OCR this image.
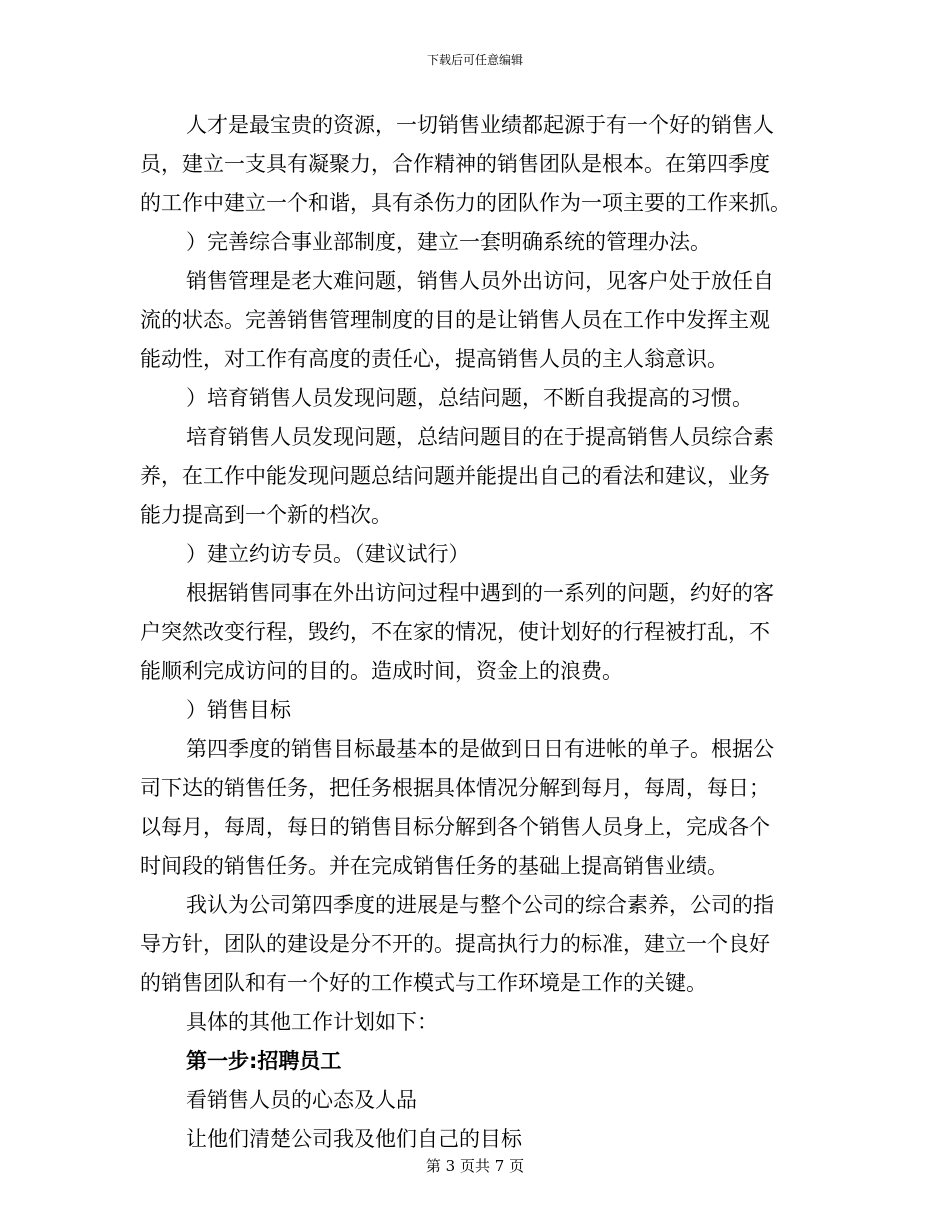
下载后可任意编辑

人才是最宝贵的资源，一切销售业绩都起源于有一个好的销售人

员，建立一支具有凝聚力，合作精神的销售团队是根本。在第四季度

的工作中建立一个和谐，具有杀伤力的团队作为一项主要的工作来抓。

）完善综合事业部制度，建立一套明确系统的管理办法。

销售管理是老大难问题，销售人员外出访问，见客户处于放任自

流的状态。完善销售管理制度的目的是让销售人员在工作中发挥主观

能动性，对工作有高度的责任心，提高销售人员的主人翁意识。

）培育销售人员发现问题，总结问题，不断自我提高的习惯。

培育销售人员发现问题，总结问题目的在于提高销售人员综合素

养，在工作中能发现问题总结问题并能提出自己的看法和建议，业务

能力提高到一个新的档次。

）建立约访专员。（建议试行）

根据销售同事在外出访问过程中遇到的一系列的问题，约好的客

户突然改变行程，毁约，不在家的情况，使计划好的行程被打乱，不

能顺利完成访问的目的。造成时间，资金上的浪费。

）销售目标

第四季度的销售目标最基本的是做到日日有进帐的单子。根据公

司下达的销售任务，把任务根据具体情况分解到每月，每周，每日；

以每月，每周，每日的销售目标分解到各个销售人员身上，完成各个

时间段的销售任务。并在完成销售任务的基础上提高销售业绩。

我认为公司第四季度的进展是与整个公司的综合素养，公司的指

导方针，团队的建设是分不开的。提高执行力的标准，建立一个良好

的销售团队和有一个好的工作模式与工作环境是工作的关键。

具体的其他工作计划如下：

第一步:招聘员工

看销售人员的心态及人品

让他们清楚公司我及他们自己的目标

第 3 页共 7 页
